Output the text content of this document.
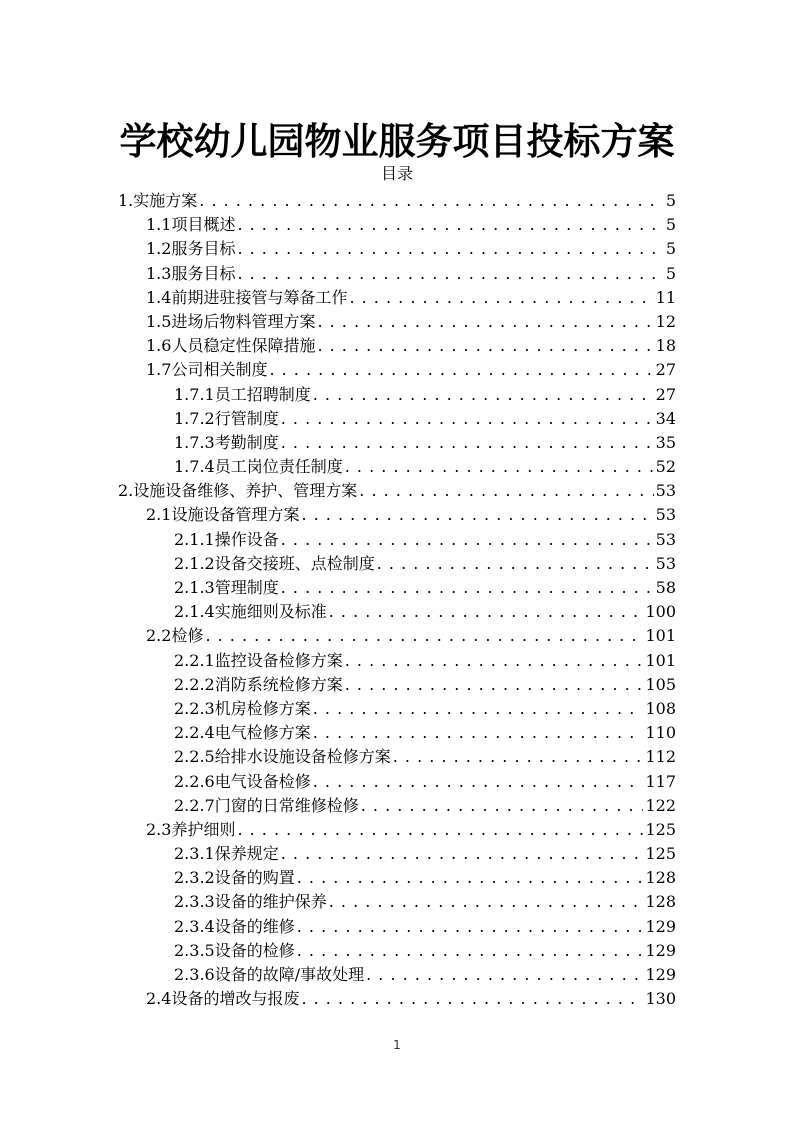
学校幼儿园物业服务项目投标方案
目录
1.实施方案 . . .	5
1.1项目概述 . . .	5
1.2服务目标 . . .	5
1.3服务目标 . . .	5
1.4前期进驻接管与筹备工作 . . .	11
1.5进场后物料管理方案 . . .	12
1.6人员稳定性保障措施 . . .	18
1.7公司相关制度 . . .	27
1.7.1员工招聘制度 . . .	27
1.7.2行管制度 . . .	34
1.7.3考勤制度 . . .	35
1.7.4员工岗位责任制度 . . .	52
2.设施设备维修、养护、管理方案 . . .	53
2.1设施设备管理方案 . . .	53
2.1.1操作设备 . . .	53
2.1.2设备交接班、点检制度 . . .	53
2.1.3管理制度 . . .	58
2.1.4实施细则及标准 . . .	100
2.2检修 . . .	101
2.2.1监控设备检修方案 . . .	101
2.2.2消防系统检修方案 . . .	105
2.2.3机房检修方案 . . .	108
2.2.4电气检修方案 . . .	110
2.2.5给排水设施设备检修方案 . . .	112
2.2.6电气设备检修 . . .	117
2.2.7门窗的日常维修检修 . . .	122
2.3养护细则 . . .	125
2.3.1保养规定 . . .	125
2.3.2设备的购置 . . .	128
2.3.3设备的维护保养 . . .	128
2.3.4设备的维修 . . .	129
2.3.5设备的检修 . . .	129
2.3.6设备的故障/事故处理 . . .	129
2.4设备的增改与报废 . . .	130
1
